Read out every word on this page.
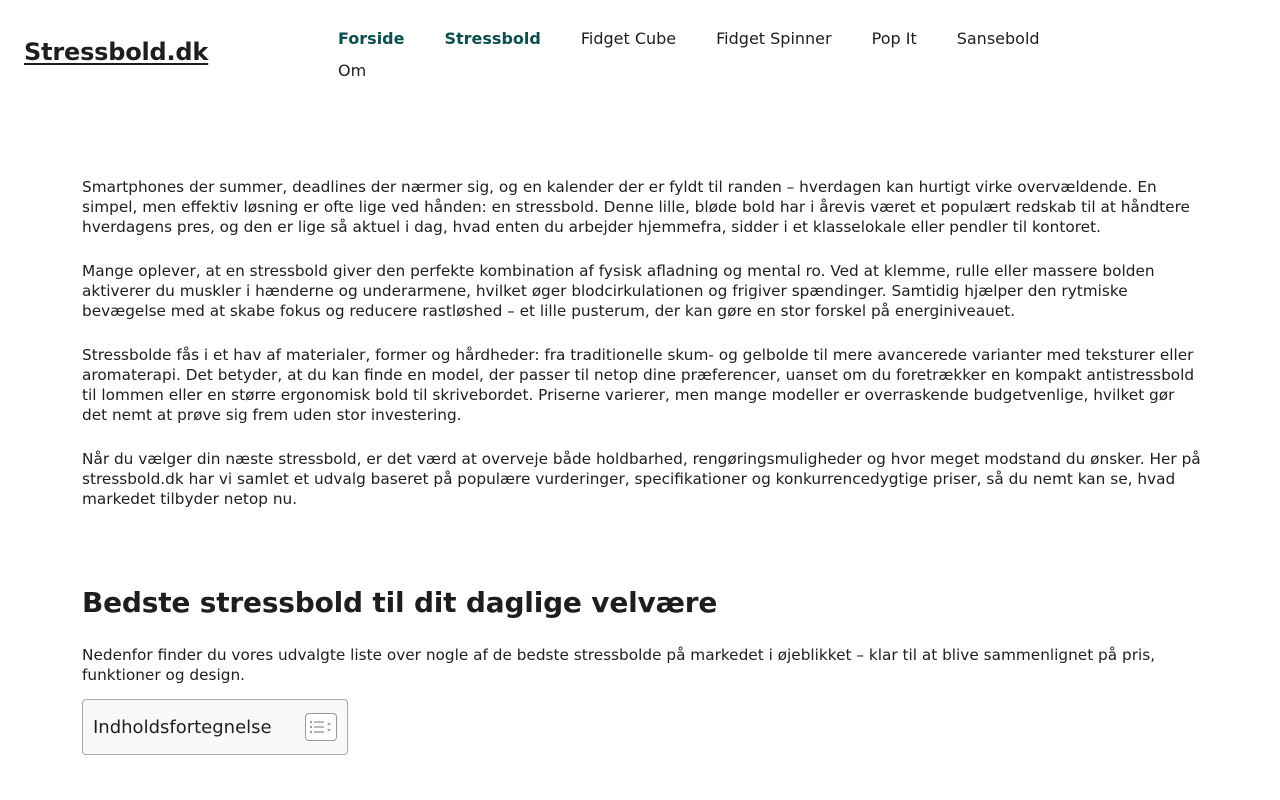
Stressbold.dk	Forside	Stressbold	Fidget Cube	Fidget Spinner	Pop It	Sansebold
Om

Smartphones der summer, deadlines der nærmer sig, og en kalender der er fyldt til randen – hverdagen kan hurtigt virke overvældende. En simpel, men effektiv løsning er ofte lige ved hånden: en stressbold. Denne lille, bløde bold har i årevis været et populært redskab til at håndtere hverdagens pres, og den er lige så aktuel i dag, hvad enten du arbejder hjemmefra, sidder i et klasselokale eller pendler til kontoret.

Mange oplever, at en stressbold giver den perfekte kombination af fysisk afladning og mental ro. Ved at klemme, rulle eller massere bolden aktiverer du muskler i hænderne og underarmene, hvilket øger blodcirkulationen og frigiver spændinger. Samtidig hjælper den rytmiske bevægelse med at skabe fokus og reducere rastløshed – et lille pusterum, der kan gøre en stor forskel på energiniveauet.

Stressbolde fås i et hav af materialer, former og hårdheder: fra traditionelle skum- og gelbolde til mere avancerede varianter med teksturer eller aromaterapi. Det betyder, at du kan finde en model, der passer til netop dine præferencer, uanset om du foretrækker en kompakt antistressbold til lommen eller en større ergonomisk bold til skrivebordet. Priserne varierer, men mange modeller er overraskende budgetvenlige, hvilket gør det nemt at prøve sig frem uden stor investering.

Når du vælger din næste stressbold, er det værd at overveje både holdbarhed, rengøringsmuligheder og hvor meget modstand du ønsker. Her på stressbold.dk har vi samlet et udvalg baseret på populære vurderinger, specifikationer og konkurrencedygtige priser, så du nemt kan se, hvad markedet tilbyder netop nu.

Bedste stressbold til dit daglige velvære

Nedenfor finder du vores udvalgte liste over nogle af de bedste stressbolde på markedet i øjeblikket – klar til at blive sammenlignet på pris, funktioner og design.

Indholdsfortegnelse
